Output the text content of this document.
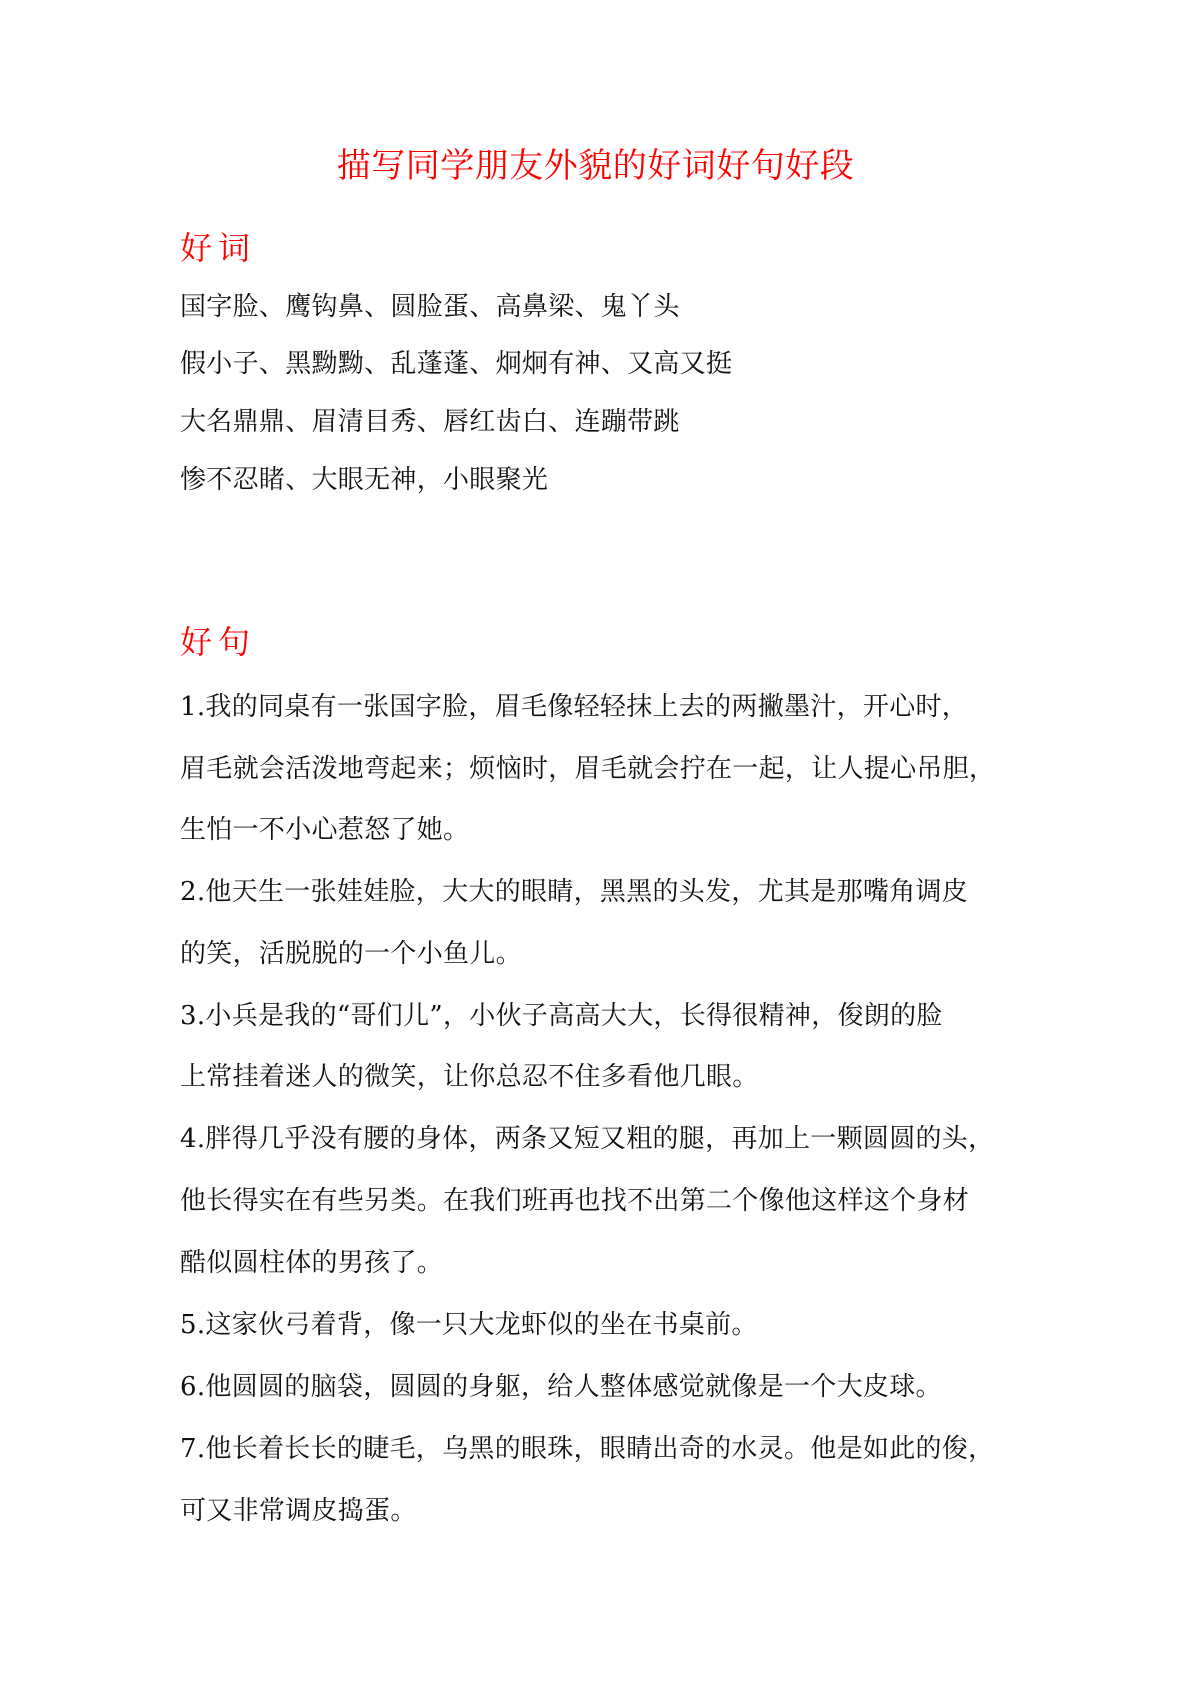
描写同学朋友外貌的好词好句好段
好词
国字脸、鹰钩鼻、圆脸蛋、高鼻梁、鬼丫头
假小子、黑黝黝、乱蓬蓬、炯炯有神、又高又挺
大名鼎鼎、眉清目秀、唇红齿白、连蹦带跳
惨不忍睹、大眼无神，小眼聚光
好句
1.我的同桌有一张国字脸，眉毛像轻轻抹上去的两撇墨汁，开心时，
眉毛就会活泼地弯起来；烦恼时，眉毛就会拧在一起，让人提心吊胆，
生怕一不小心惹怒了她。
2.他天生一张娃娃脸，大大的眼睛，黑黑的头发，尤其是那嘴角调皮
的笑，活脱脱的一个小鱼儿。
3.小兵是我的“哥们儿”，小伙子高高大大，长得很精神，俊朗的脸
上常挂着迷人的微笑，让你总忍不住多看他几眼。
4.胖得几乎没有腰的身体，两条又短又粗的腿，再加上一颗圆圆的头，
他长得实在有些另类。在我们班再也找不出第二个像他这样这个身材
酷似圆柱体的男孩了。
5.这家伙弓着背，像一只大龙虾似的坐在书桌前。
6.他圆圆的脑袋，圆圆的身躯，给人整体感觉就像是一个大皮球。
7.他长着长长的睫毛，乌黑的眼珠，眼睛出奇的水灵。他是如此的俊，
可又非常调皮捣蛋。
